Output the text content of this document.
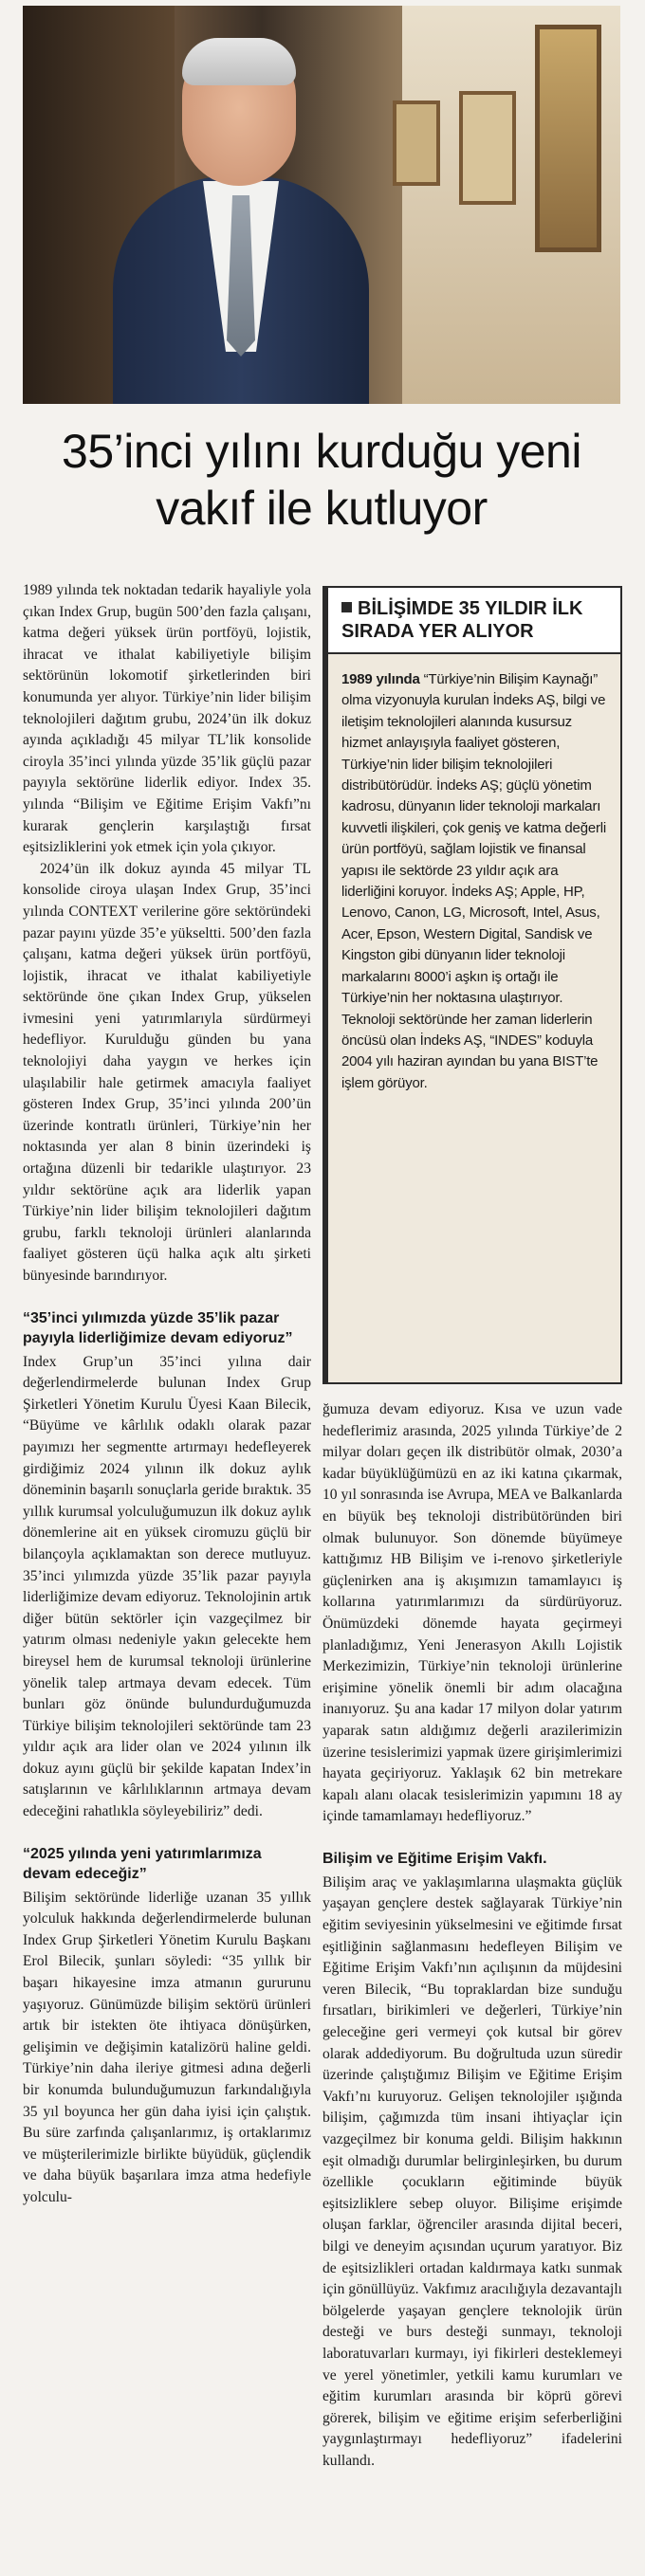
35’inci yılını kurduğu yeni vakıf ile kutluyor

1989 yılında tek noktadan tedarik hayaliyle yola çıkan Index Grup, bugün 500’den fazla çalışanı, katma değeri yüksek ürün portföyü, lojistik, ihracat ve ithalat kabiliyetiyle bilişim sektörünün lokomotif şirketlerinden biri konumunda yer alıyor. Türkiye’nin lider bilişim teknolojileri dağıtım grubu, 2024’ün ilk dokuz ayında açıkladığı 45 milyar TL’lik konsolide ciroyla 35’inci yılında yüzde 35’lik güçlü pazar payıyla sektörüne liderlik ediyor. Index 35. yılında “Bilişim ve Eğitime Erişim Vakfı”nı kurarak gençlerin karşılaştığı fırsat eşitsizliklerini yok etmek için yola çıkıyor.

2024’ün ilk dokuz ayında 45 milyar TL konsolide ciroya ulaşan Index Grup, 35’inci yılında CONTEXT verilerine göre sektöründeki pazar payını yüzde 35’e yükseltti. 500’den fazla çalışanı, katma değeri yüksek ürün portföyü, lojistik, ihracat ve ithalat kabiliyetiyle sektöründe öne çıkan Index Grup, yükselen ivmesini yeni yatırımlarıyla sürdürmeyi hedefliyor. Kurulduğu günden bu yana teknolojiyi daha yaygın ve herkes için ulaşılabilir hale getirmek amacıyla faaliyet gösteren Index Grup, 35’inci yılında 200’ün üzerinde kontratlı ürünleri, Türkiye’nin her noktasında yer alan 8 binin üzerindeki iş ortağına düzenli bir tedarikle ulaştırıyor. 23 yıldır sektörüne açık ara liderlik yapan Türkiye’nin lider bilişim teknolojileri dağıtım grubu, farklı teknoloji ürünleri alanlarında faaliyet gösteren üçü halka açık altı şirketi bünyesinde barındırıyor.

“35’inci yılımızda yüzde 35’lik pazar payıyla liderliğimize devam ediyoruz”

Index Grup’un 35’inci yılına dair değerlendirmelerde bulunan Index Grup Şirketleri Yönetim Kurulu Üyesi Kaan Bilecik, “Büyüme ve kârlılık odaklı olarak pazar payımızı her segmentte artırmayı hedefleyerek girdiğimiz 2024 yılının ilk dokuz aylık döneminin başarılı sonuçlarla geride bıraktık. 35 yıllık kurumsal yolculuğumuzun ilk dokuz aylık dönemlerine ait en yüksek ciromuzu güçlü bir bilançoyla açıklamaktan son derece mutluyuz. 35’inci yılımızda yüzde 35’lik pazar payıyla liderliğimize devam ediyoruz. Teknolojinin artık diğer bütün sektörler için vazgeçilmez bir yatırım olması nedeniyle yakın gelecekte hem bireysel hem de kurumsal teknoloji ürünlerine yönelik talep artmaya devam edecek. Tüm bunları göz önünde bulundurduğumuzda Türkiye bilişim teknolojileri sektöründe tam 23 yıldır açık ara lider olan ve 2024 yılının ilk dokuz ayını güçlü bir şekilde kapatan Index’in satışlarının ve kârlılıklarının artmaya devam edeceğini rahatlıkla söyleyebiliriz” dedi.

“2025 yılında yeni yatırımlarımıza devam edeceğiz”

Bilişim sektöründe liderliğe uzanan 35 yıllık yolculuk hakkında değerlendirmelerde bulunan Index Grup Şirketleri Yönetim Kurulu Başkanı Erol Bilecik, şunları söyledi: “35 yıllık bir başarı hikayesine imza atmanın gururunu yaşıyoruz. Günümüzde bilişim sektörü ürünleri artık bir istekten öte ihtiyaca dönüşürken, gelişimin ve değişimin katalizörü haline geldi. Türkiye’nin daha ileriye gitmesi adına değerli bir konumda bulunduğumuzun farkındalığıyla 35 yıl boyunca her gün daha iyisi için çalıştık. Bu süre zarfında çalışanlarımız, iş ortaklarımız ve müşterilerimizle birlikte büyüdük, güçlendik ve daha büyük başarılara imza atma hedefiyle yolculu-

BİLİŞİMDE 35 YILDIR İLK SIRADA YER ALIYOR
1989 yılında “Türkiye’nin Bilişim Kaynağı” olma vizyonuyla kurulan İndeks AŞ, bilgi ve iletişim teknolojileri alanında kusursuz hizmet anlayışıyla faaliyet gösteren, Türkiye’nin lider bilişim teknolojileri distribütörüdür. İndeks AŞ; güçlü yönetim kadrosu, dünyanın lider teknoloji markaları kuvvetli ilişkileri, çok geniş ve katma değerli ürün portföyü, sağlam lojistik ve finansal yapısı ile sektörde 23 yıldır açık ara liderliğini koruyor. İndeks AŞ; Apple, HP, Lenovo, Canon, LG, Microsoft, Intel, Asus, Acer, Epson, Western Digital, Sandisk ve Kingston gibi dünyanın lider teknoloji markalarını 8000’i aşkın iş ortağı ile Türkiye’nin her noktasına ulaştırıyor. Teknoloji sektöründe her zaman liderlerin öncüsü olan İndeks AŞ, “INDES” koduyla 2004 yılı haziran ayından bu yana BIST’te işlem görüyor.

ğumuza devam ediyoruz. Kısa ve uzun vade hedeflerimiz arasında, 2025 yılında Türkiye’de 2 milyar doları geçen ilk distribütör olmak, 2030’a kadar büyüklüğümüzü en az iki katına çıkarmak, 10 yıl sonrasında ise Avrupa, MEA ve Balkanlarda en büyük beş teknoloji distribütöründen biri olmak bulunuyor. Son dönemde büyümeye kattığımız HB Bilişim ve i-renovo şirketleriyle güçlenirken ana iş akışımızın tamamlayıcı iş kollarına yatırımlarımızı da sürdürüyoruz. Önümüzdeki dönemde hayata geçirmeyi planladığımız, Yeni Jenerasyon Akıllı Lojistik Merkezimizin, Türkiye’nin teknoloji ürünlerine erişimine yönelik önemli bir adım olacağına inanıyoruz. Şu ana kadar 17 milyon dolar yatırım yaparak satın aldığımız değerli arazilerimizin üzerine tesislerimizi yapmak üzere girişimlerimizi hayata geçiriyoruz. Yaklaşık 62 bin metrekare kapalı alanı olacak tesislerimizin yapımını 18 ay içinde tamamlamayı hedefliyoruz.”

Bilişim ve Eğitime Erişim Vakfı.

Bilişim araç ve yaklaşımlarına ulaşmakta güçlük yaşayan gençlere destek sağlayarak Türkiye’nin eğitim seviyesinin yükselmesini ve eğitimde fırsat eşitliğinin sağlanmasını hedefleyen Bilişim ve Eğitime Erişim Vakfı’nın açılışının da müjdesini veren Bilecik, “Bu topraklardan bize sunduğu fırsatları, birikimleri ve değerleri, Türkiye’nin geleceğine geri vermeyi çok kutsal bir görev olarak addediyorum. Bu doğrultuda uzun süredir üzerinde çalıştığımız Bilişim ve Eğitime Erişim Vakfı’nı kuruyoruz. Gelişen teknolojiler ışığında bilişim, çağımızda tüm insani ihtiyaçlar için vazgeçilmez bir konuma geldi. Bilişim hakkının eşit olmadığı durumlar belirginleşirken, bu durum özellikle çocukların eğitiminde büyük eşitsizliklere sebep oluyor. Bilişime erişimde oluşan farklar, öğrenciler arasında dijital beceri, bilgi ve deneyim açısından uçurum yaratıyor. Biz de eşitsizlikleri ortadan kaldırmaya katkı sunmak için gönüllüyüz. Vakfımız aracılığıyla dezavantajlı bölgelerde yaşayan gençlere teknolojik ürün desteği ve burs desteği sunmayı, teknoloji laboratuvarları kurmayı, iyi fikirleri desteklemeyi ve yerel yönetimler, yetkili kamu kurumları ve eğitim kurumları arasında bir köprü görevi görerek, bilişim ve eğitime erişim seferberliğini yaygınlaştırmayı hedefliyoruz” ifadelerini kullandı.
